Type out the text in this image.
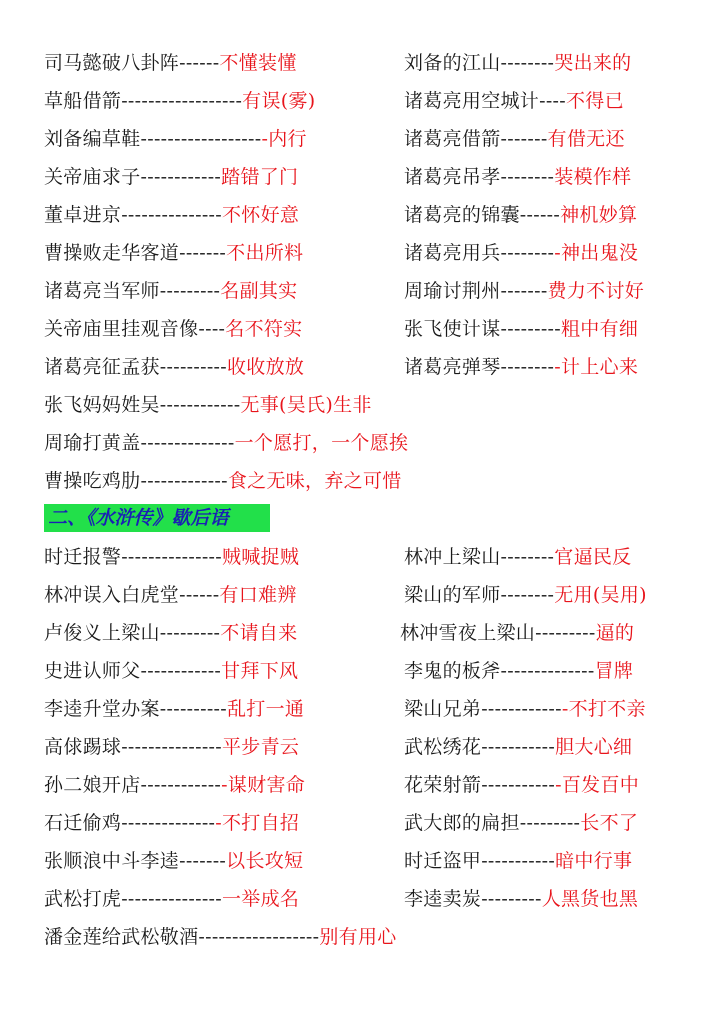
司马懿破八卦阵------不懂装懂	刘备的江山--------哭出来的
草船借箭------------------有误(雾)	诸葛亮用空城计----不得已
刘备编草鞋-------------------内行	诸葛亮借箭-------有借无还
关帝庙求子------------踏错了门	诸葛亮吊孝--------装模作样
董卓进京---------------不怀好意	诸葛亮的锦囊------神机妙算
曹操败走华客道-------不出所料	诸葛亮用兵---------神出鬼没
诸葛亮当军师---------名副其实	周瑜讨荆州-------费力不讨好
关帝庙里挂观音像----名不符实	张飞使计谋---------粗中有细
诸葛亮征孟获----------收收放放	诸葛亮弹琴---------计上心来
张飞妈妈姓吴------------无事(吴氏)生非
周瑜打黄盖--------------一个愿打，一个愿挨
曹操吃鸡肋-------------食之无味，弃之可惜
二、《水浒传》歇后语
时迁报警---------------贼喊捉贼	林冲上梁山--------官逼民反
林冲误入白虎堂------有口难辨	梁山的军师--------无用(吴用)
卢俊义上梁山---------不请自来	林冲雪夜上梁山---------逼的
史进认师父------------甘拜下风	李鬼的板斧--------------冒牌
李逵升堂办案----------乱打一通	梁山兄弟-------------不打不亲
高俅踢球---------------平步青云	武松绣花-----------胆大心细
孙二娘开店-------------谋财害命	花荣射箭------------百发百中
石迁偷鸡---------------不打自招	武大郎的扁担---------长不了
张顺浪中斗李逵-------以长攻短	时迁盗甲-----------暗中行事
武松打虎---------------一举成名	李逵卖炭---------人黑货也黑
潘金莲给武松敬酒------------------别有用心
